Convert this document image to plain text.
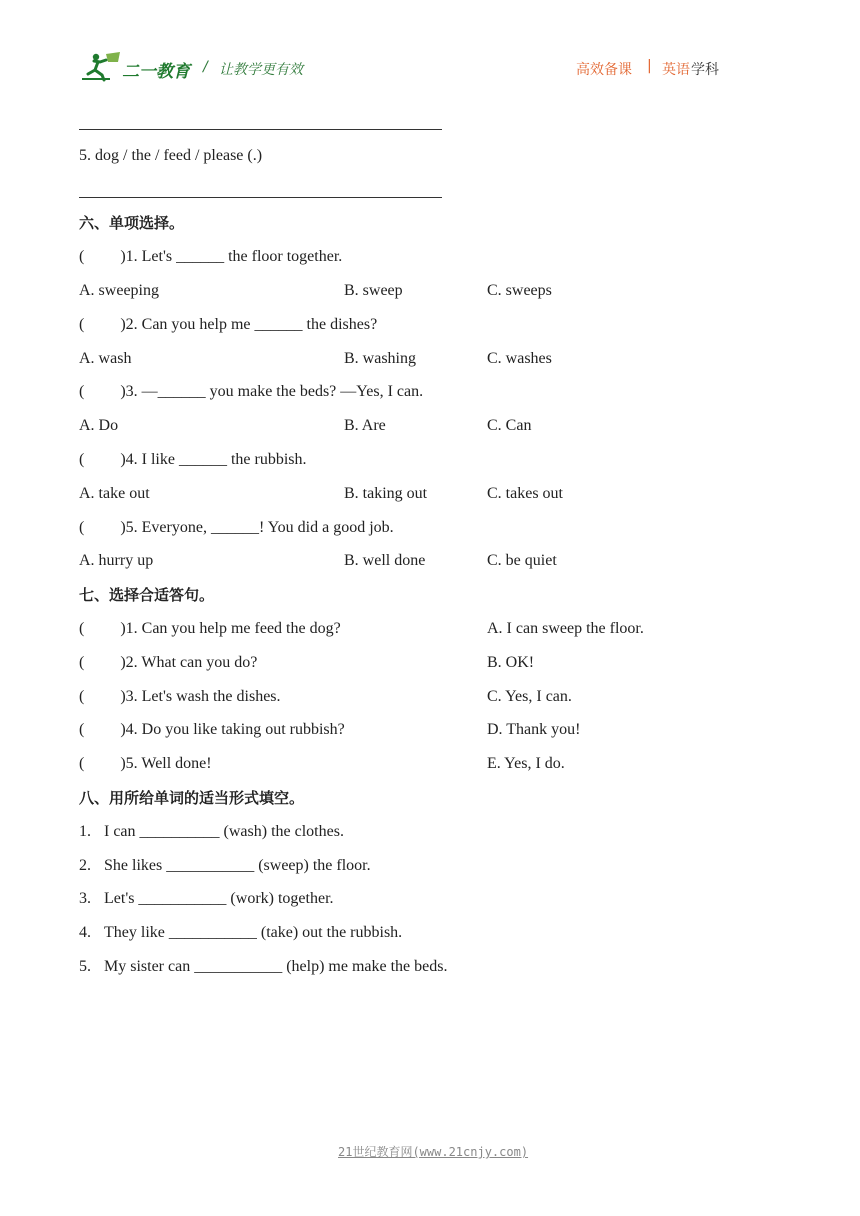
二一教育 / 让教学更有效	高效备课 | 英语 学科
5. dog / the / feed / please (.)
六、单项选择。
(         )1. Let's ______ the floor together.
A. sweeping	B. sweep	C. sweeps
(         )2. Can you help me ______ the dishes?
A. wash	B. washing	C. washes
(         )3. —______ you make the beds? —Yes, I can.
A. Do	B. Are	C. Can
(         )4. I like ______ the rubbish.
A. take out	B. taking out	C. takes out
(         )5. Everyone, ______! You did a good job.
A. hurry up	B. well done	C. be quiet
七、选择合适答句。
(         )1. Can you help me feed the dog?	A. I can sweep the floor.
(         )2. What can you do?	B. OK!
(         )3. Let's wash the dishes.	C. Yes, I can.
(         )4. Do you like taking out rubbish?	D. Thank you!
(         )5. Well done!	E. Yes, I do.
八、用所给单词的适当形式填空。
1. I can __________ (wash) the clothes.
2. She likes ___________ (sweep) the floor.
3. Let's ___________ (work) together.
4. They like ___________ (take) out the rubbish.
5. My sister can ___________ (help) me make the beds.
21世纪教育网(www.21cnjy.com)
